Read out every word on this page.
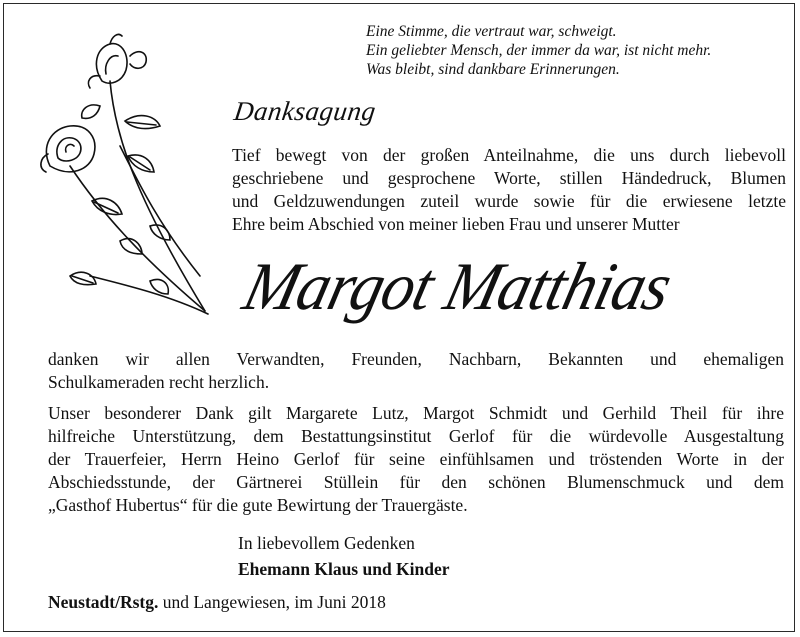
Eine Stimme, die vertraut war, schweigt.
Ein geliebter Mensch, der immer da war, ist nicht mehr.
Was bleibt, sind dankbare Erinnerungen.
Danksagung
Tief bewegt von der großen Anteilnahme, die uns durch liebevoll
geschriebene und gesprochene Worte, stillen Händedruck, Blumen
und Geldzuwendungen zuteil wurde sowie für die erwiesene letzte
Ehre beim Abschied von meiner lieben Frau und unserer Mutter
Margot Matthias
danken wir allen Verwandten, Freunden, Nachbarn, Bekannten und ehemaligen
Schulkameraden recht herzlich.
Unser besonderer Dank gilt Margarete Lutz, Margot Schmidt und Gerhild Theil für ihre
hilfreiche Unterstützung, dem Bestattungsinstitut Gerlof für die würdevolle Ausgestaltung
der Trauerfeier, Herrn Heino Gerlof für seine einfühlsamen und tröstenden Worte in der
Abschiedsstunde, der Gärtnerei Stüllein für den schönen Blumenschmuck und dem
„Gasthof Hubertus“ für die gute Bewirtung der Trauergäste.
In liebevollem Gedenken
Ehemann Klaus und Kinder
Neustadt/Rstg. und Langewiesen, im Juni 2018
